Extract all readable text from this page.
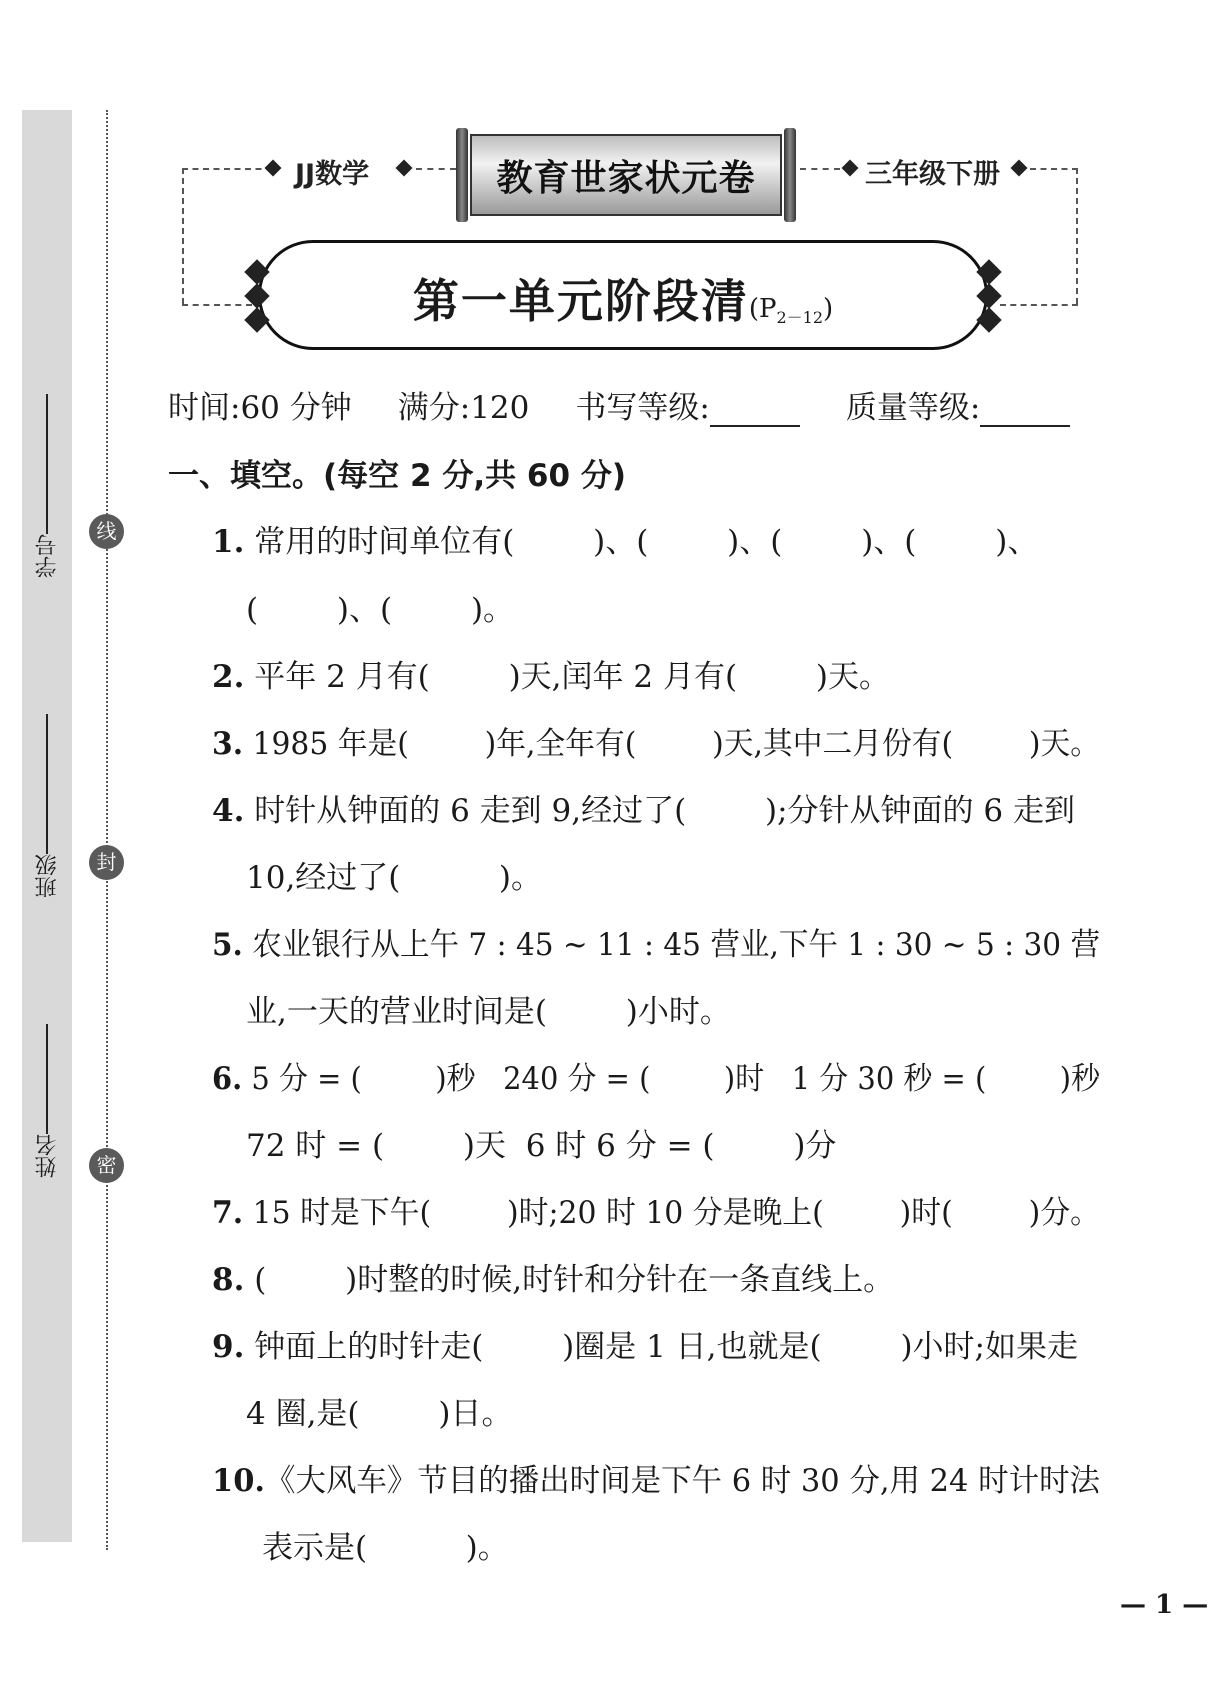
线
封
密
学号
班级
姓名
JJ数学	教育世家状元卷	三年级下册
第一单元阶段清$(P_{2-12})$
时间:60 分钟 满分:120 书写等级:	质量等级:
一、填空。(每空 2 分,共 60 分)
1. 常用的时间单位有(        )、(        )、(        )、(        )、
(        )、(        )。
2. 平年 2 月有(        )天,闰年 2 月有(        )天。
3. 1985 年是(        )年,全年有(        )天,其中二月份有(        )天。
4. 时针从钟面的 6 走到 9,经过了(        );分针从钟面的 6 走到
10,经过了(          )。
5. 农业银行从上午 7 : 45 ~ 11 : 45 营业,下午 1 : 30 ~ 5 : 30 营
业,一天的营业时间是(        )小时。
6. 5 分 = (        )秒   240 分 = (        )时   1 分 30 秒 = (        )秒
72 时 = (        )天  6 时 6 分 = (        )分
7. 15 时是下午(        )时;20 时 10 分是晚上(        )时(        )分。
8. (        )时整的时候,时针和分针在一条直线上。
9. 钟面上的时针走(        )圈是 1 日,也就是(        )小时;如果走
4 圈,是(        )日。
10.《大风车》节目的播出时间是下午 6 时 30 分,用 24 时计时法
表示是(          )。
— 1 —
